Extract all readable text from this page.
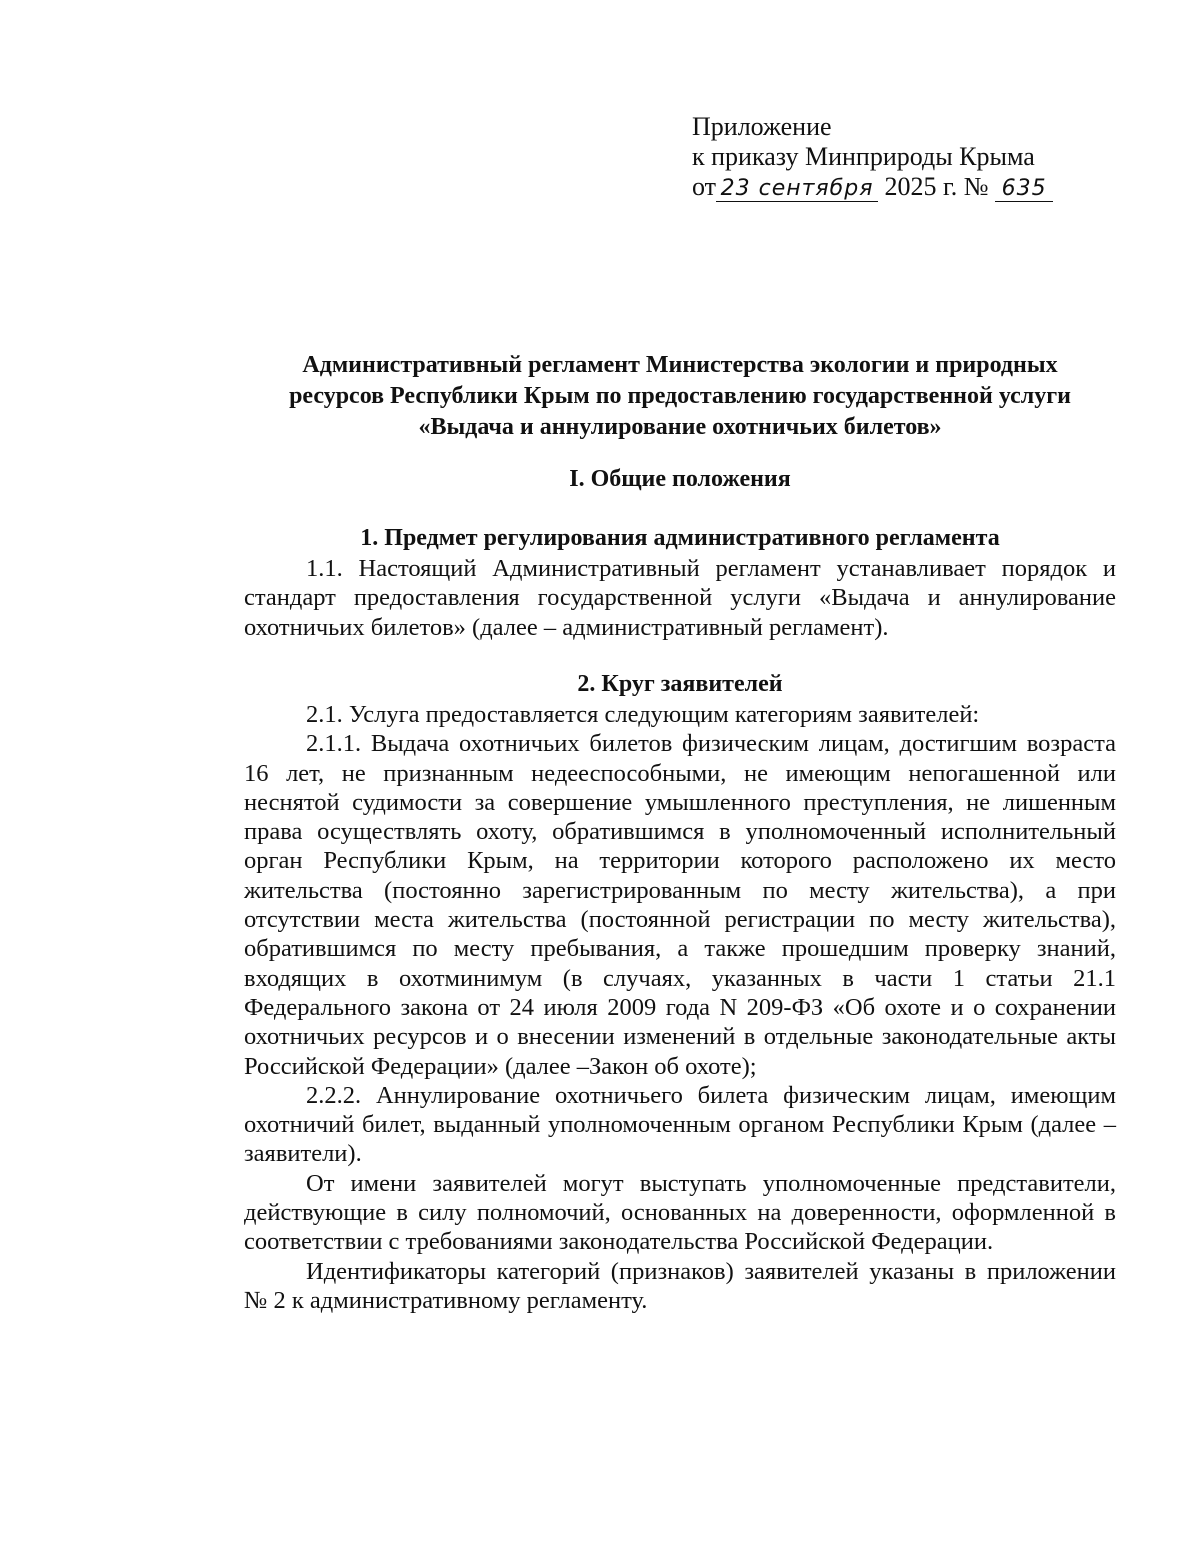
Приложение
к приказу Минприроды Крыма
от 23 сентября 2025 г. № 635
Административный регламент Министерства экологии и природных
ресурсов Республики Крым по предоставлению государственной услуги
«Выдача и аннулирование охотничьих билетов»
I. Общие положения
1. Предмет регулирования административного регламента

1.1. Настоящий Административный регламент устанавливает порядок и стандарт предоставления государственной услуги «Выдача и аннулирование охотничьих билетов» (далее – административный регламент).

2. Круг заявителей

2.1. Услуга предоставляется следующим категориям заявителей:

2.1.1. Выдача охотничьих билетов физическим лицам, достигшим возраста 16 лет, не признанным недееспособными, не имеющим непогашенной или неснятой судимости за совершение умышленного преступления, не лишенным права осуществлять охоту, обратившимся в уполномоченный исполнительный орган Республики Крым, на территории которого расположено их место жительства (постоянно зарегистрированным по месту жительства), а при отсутствии места жительства (постоянной регистрации по месту жительства), обратившимся по месту пребывания, а также прошедшим проверку знаний, входящих в охотминимум (в случаях, указанных в части 1 статьи 21.1 Федерального закона от 24 июля 2009 года N 209-ФЗ «Об охоте и о сохранении охотничьих ресурсов и о внесении изменений в отдельные законодательные акты Российской Федерации» (далее –Закон об охоте);

2.2.2. Аннулирование охотничьего билета физическим лицам, имеющим охотничий билет, выданный уполномоченным органом Республики Крым (далее – заявители).

От имени заявителей могут выступать уполномоченные представители, действующие в силу полномочий, основанных на доверенности, оформленной в соответствии с требованиями законодательства Российской Федерации.

Идентификаторы категорий (признаков) заявителей указаны в приложении № 2 к административному регламенту.
